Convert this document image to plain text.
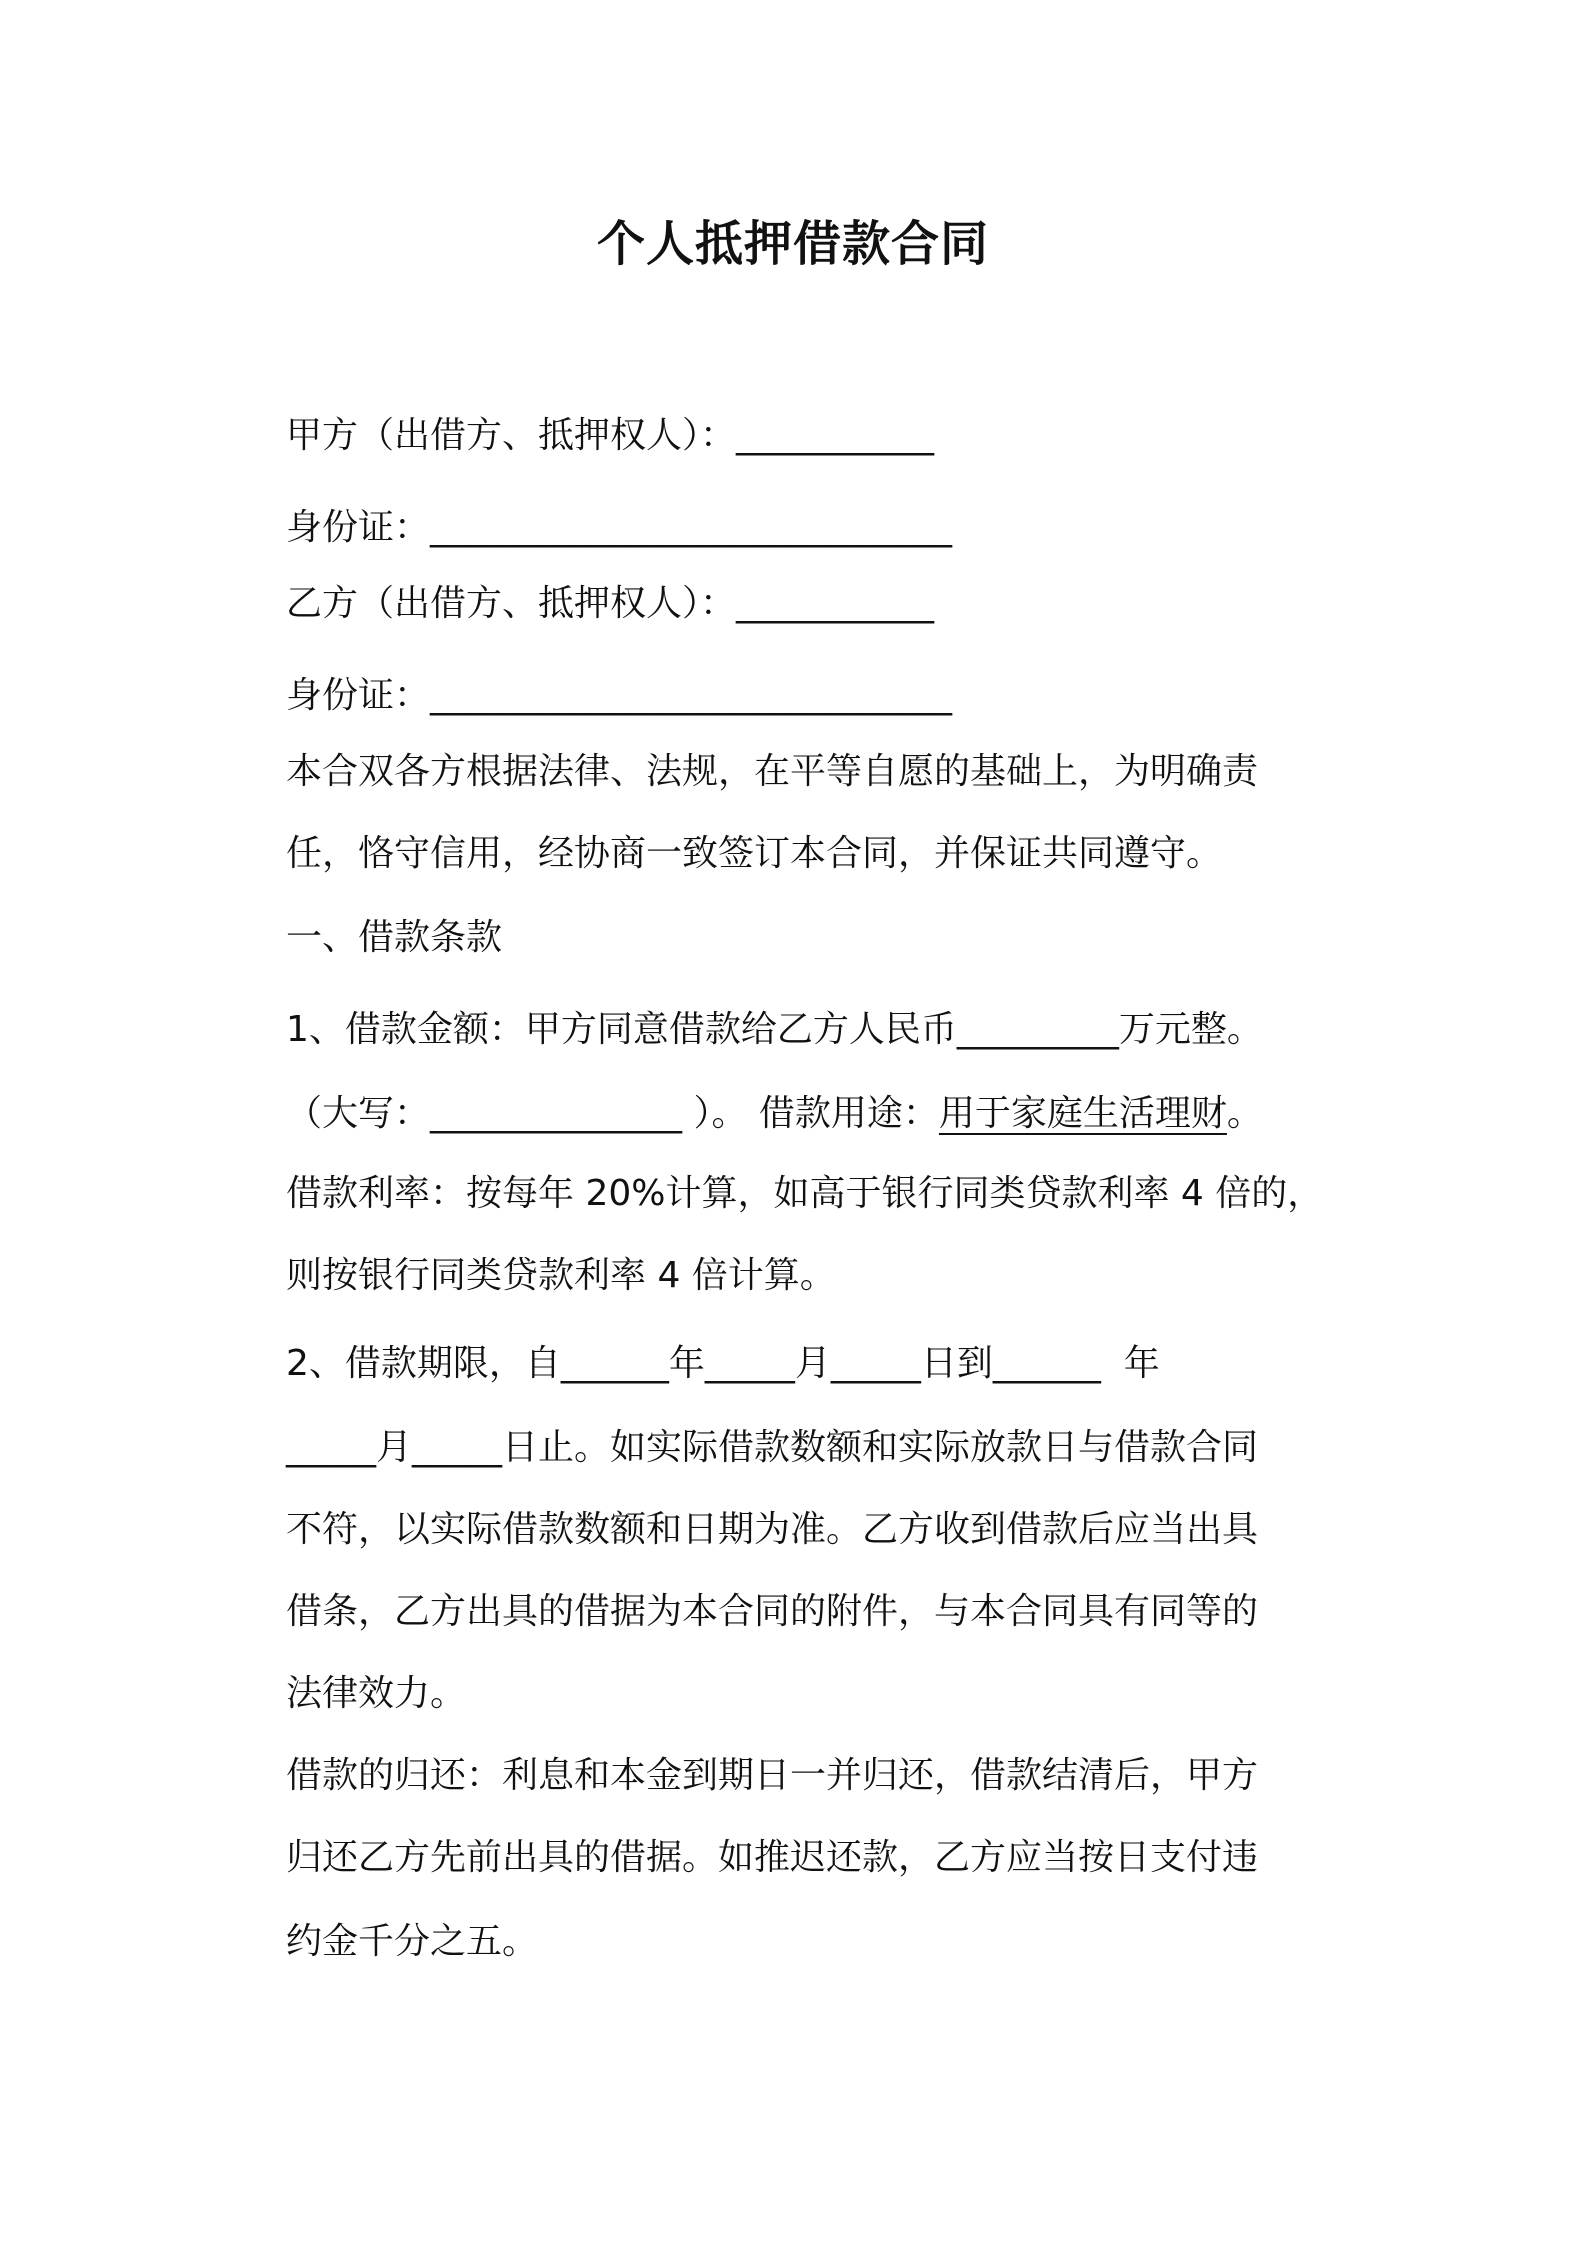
个人抵押借款合同
甲方（出借方、抵押权人）：___________
身份证：_____________________________
乙方（出借方、抵押权人）：___________
身份证：_____________________________
本合双各方根据法律、法规，在平等自愿的基础上，为明确责
任，恪守信用，经协商一致签订本合同，并保证共同遵守。
一、借款条款
1、借款金额：甲方同意借款给乙方人民币_________万元整。
（大写：______________ ）。 借款用途：用于家庭生活理财。
借款利率：按每年 20%计算，如高于银行同类贷款利率 4 倍的，
则按银行同类贷款利率 4 倍计算。
2、借款期限，自______年_____月_____日到______  年
_____月_____日止。如实际借款数额和实际放款日与借款合同
不符，以实际借款数额和日期为准。乙方收到借款后应当出具
借条，乙方出具的借据为本合同的附件，与本合同具有同等的
法律效力。
借款的归还：利息和本金到期日一并归还，借款结清后，甲方
归还乙方先前出具的借据。如推迟还款，乙方应当按日支付违
约金千分之五。
